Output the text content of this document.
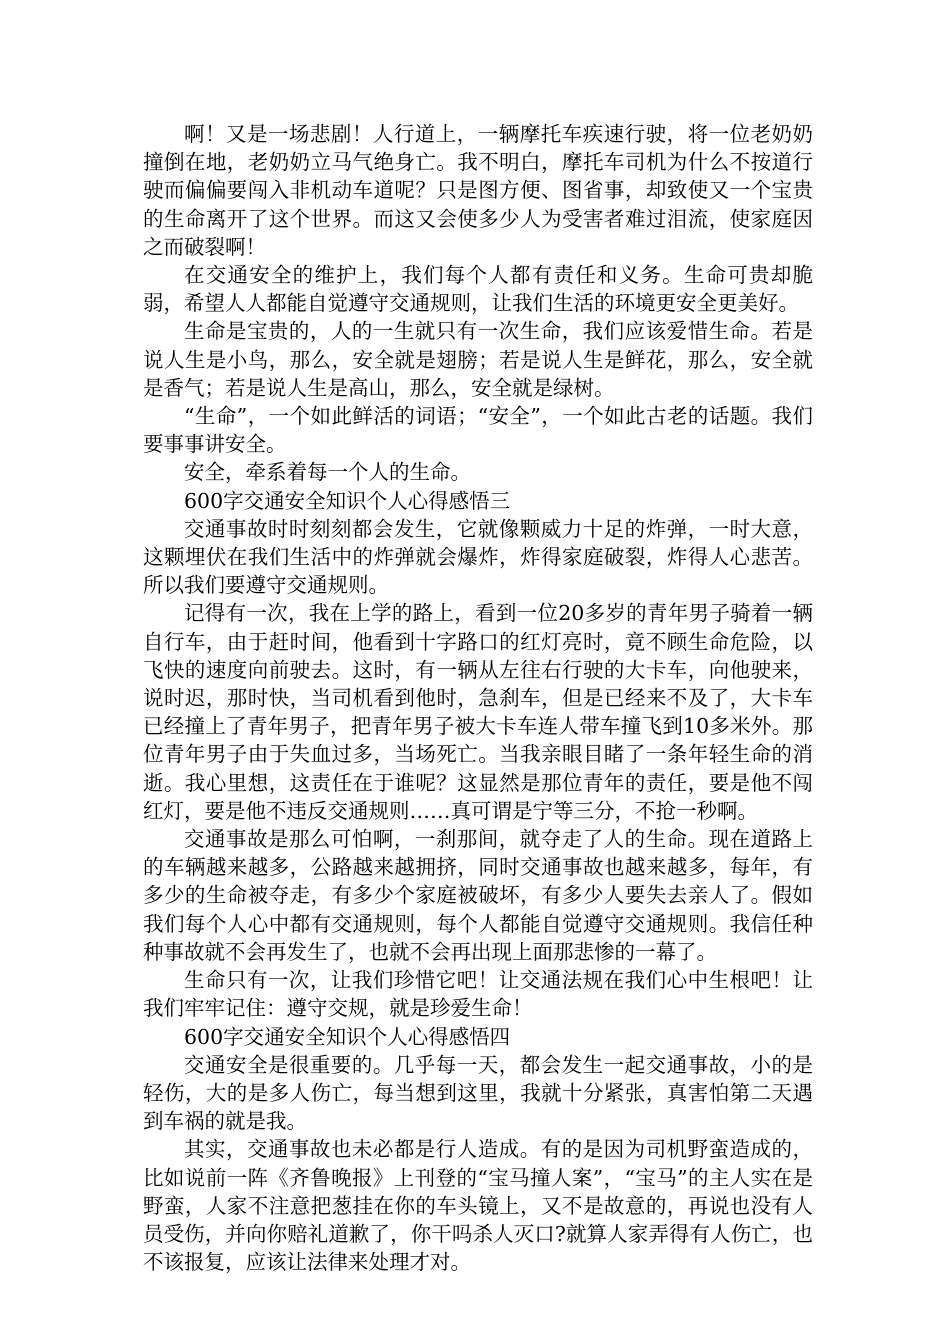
啊！又是一场悲剧！人行道上，一辆摩托车疾速行驶，将一位老奶奶撞倒在地，老奶奶立马气绝身亡。我不明白，摩托车司机为什么不按道行驶而偏偏要闯入非机动车道呢？只是图方便、图省事，却致使又一个宝贵的生命离开了这个世界。而这又会使多少人为受害者难过泪流，使家庭因之而破裂啊！

在交通安全的维护上，我们每个人都有责任和义务。生命可贵却脆弱，希望人人都能自觉遵守交通规则，让我们生活的环境更安全更美好。

生命是宝贵的，人的一生就只有一次生命，我们应该爱惜生命。若是说人生是小鸟，那么，安全就是翅膀；若是说人生是鲜花，那么，安全就是香气；若是说人生是高山，那么，安全就是绿树。

“生命”，一个如此鲜活的词语；“安全”，一个如此古老的话题。我们要事事讲安全。

安全，牵系着每一个人的生命。

600字交通安全知识个人心得感悟三

交通事故时时刻刻都会发生，它就像颗威力十足的炸弹，一时大意，这颗埋伏在我们生活中的炸弹就会爆炸，炸得家庭破裂，炸得人心悲苦。所以我们要遵守交通规则。

记得有一次，我在上学的路上，看到一位20多岁的青年男子骑着一辆自行车，由于赶时间，他看到十字路口的红灯亮时，竟不顾生命危险，以飞快的速度向前驶去。这时，有一辆从左往右行驶的大卡车，向他驶来，说时迟，那时快，当司机看到他时，急刹车，但是已经来不及了，大卡车已经撞上了青年男子，把青年男子被大卡车连人带车撞飞到10多米外。那位青年男子由于失血过多，当场死亡。当我亲眼目睹了一条年轻生命的消逝。我心里想，这责任在于谁呢？这显然是那位青年的责任，要是他不闯红灯，要是他不违反交通规则……真可谓是宁等三分，不抢一秒啊。

交通事故是那么可怕啊，一刹那间，就夺走了人的生命。现在道路上的车辆越来越多，公路越来越拥挤，同时交通事故也越来越多，每年，有多少的生命被夺走，有多少个家庭被破坏，有多少人要失去亲人了。假如我们每个人心中都有交通规则，每个人都能自觉遵守交通规则。我信任种种事故就不会再发生了，也就不会再出现上面那悲惨的一幕了。

生命只有一次，让我们珍惜它吧！让交通法规在我们心中生根吧！让我们牢牢记住：遵守交规，就是珍爱生命！

600字交通安全知识个人心得感悟四

交通安全是很重要的。几乎每一天，都会发生一起交通事故，小的是轻伤，大的是多人伤亡，每当想到这里，我就十分紧张，真害怕第二天遇到车祸的就是我。

其实，交通事故也未必都是行人造成。有的是因为司机野蛮造成的，比如说前一阵《齐鲁晚报》上刊登的“宝马撞人案”，“宝马”的主人实在是野蛮，人家不注意把葱挂在你的车头镜上，又不是故意的，再说也没有人员受伤，并向你赔礼道歉了，你干吗杀人灭口?就算人家弄得有人伤亡，也不该报复，应该让法律来处理才对。
